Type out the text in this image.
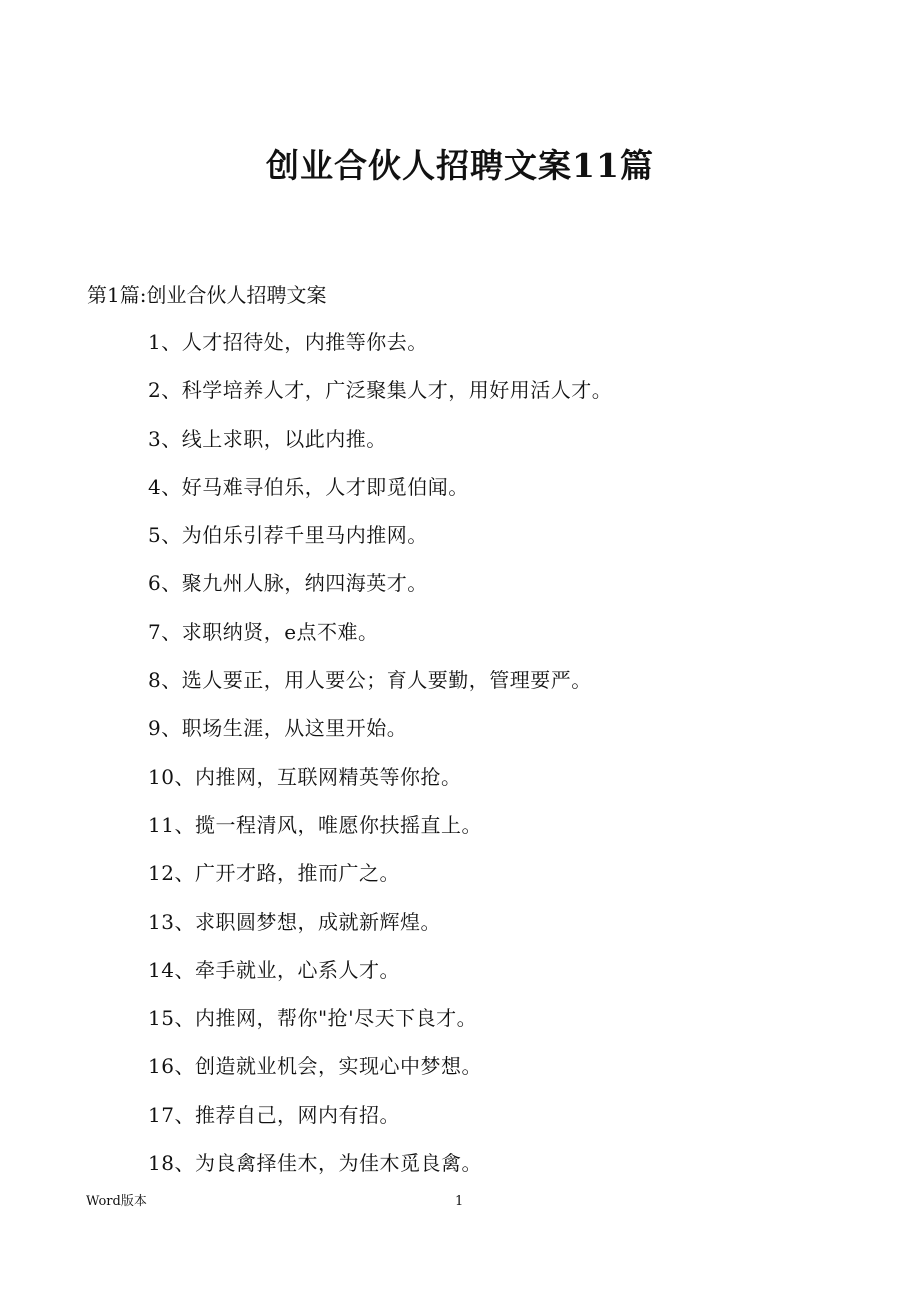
创业合伙人招聘文案11篇

第1篇:创业合伙人招聘文案

1、人才招待处，内推等你去。
2、科学培养人才，广泛聚集人才，用好用活人才。
3、线上求职，以此内推。
4、好马难寻伯乐，人才即觅伯闻。
5、为伯乐引荐千里马内推网。
6、聚九州人脉，纳四海英才。
7、求职纳贤，e点不难。
8、选人要正，用人要公；育人要勤，管理要严。
9、职场生涯，从这里开始。
10、内推网，互联网精英等你抢。
11、揽一程清风，唯愿你扶摇直上。
12、广开才路，推而广之。
13、求职圆梦想，成就新辉煌。
14、牵手就业，心系人才。
15、内推网，帮你"抢'尽天下良才。
16、创造就业机会，实现心中梦想。
17、推荐自己，网内有招。
18、为良禽择佳木，为佳木觅良禽。
Word版本	1
